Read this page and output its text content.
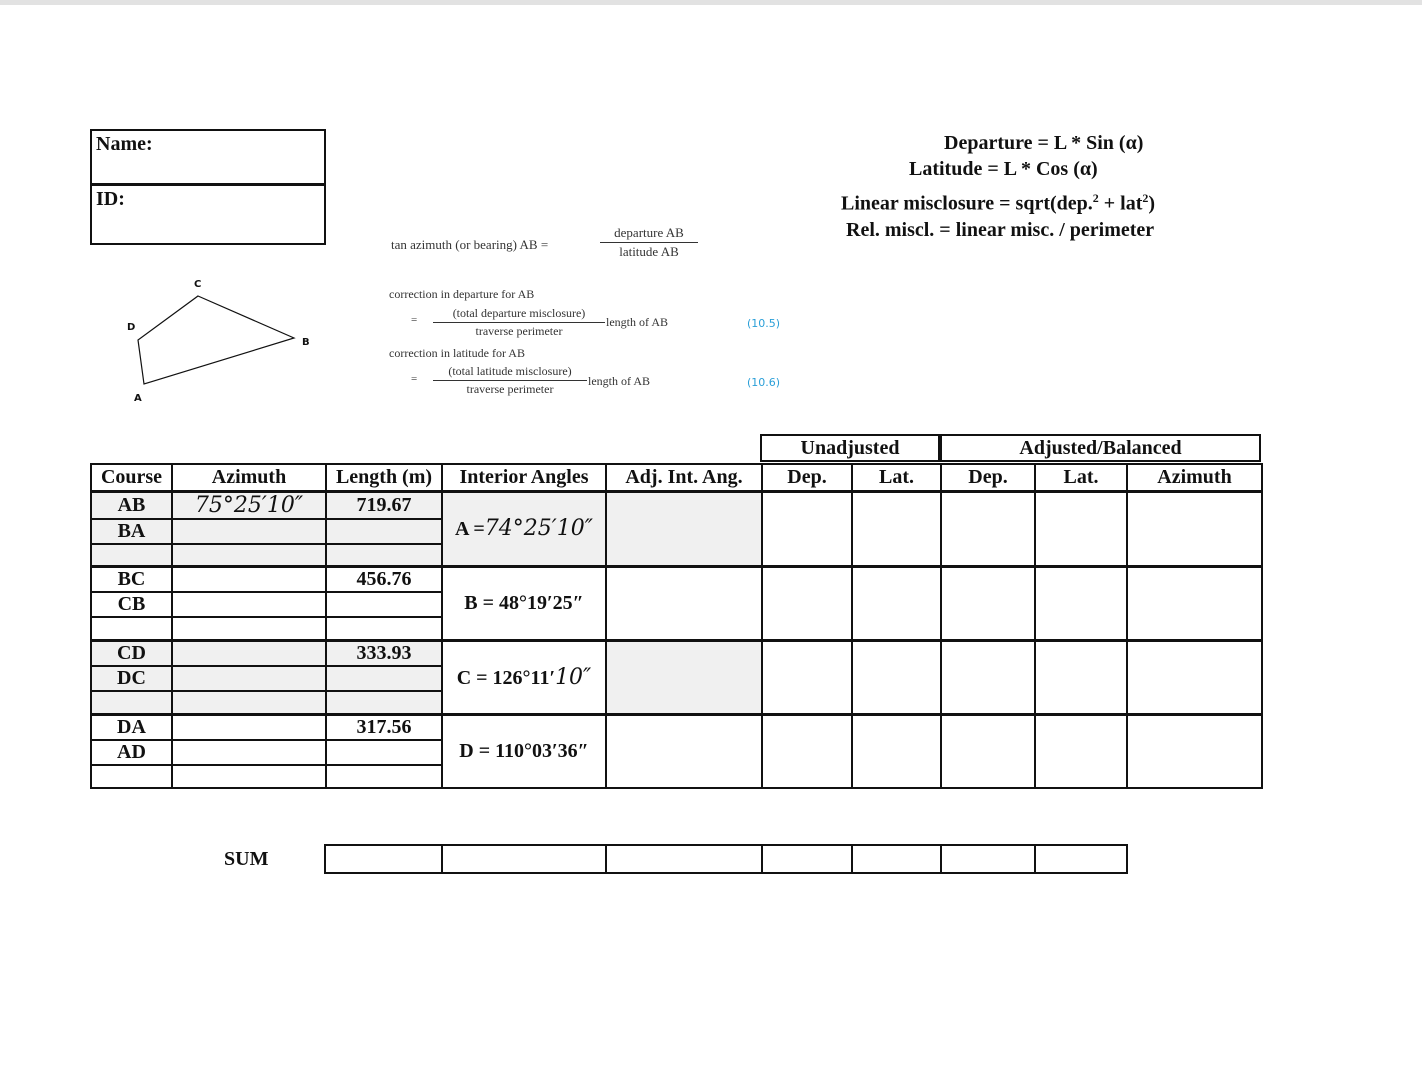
Name:
ID:
Departure = L * Sin (α)
Latitude = L * Cos (α)
Linear misclosure = sqrt(dep.$^2$ + lat$^2$)
Rel. miscl. = linear misc. / perimeter
tan azimuth (or bearing) AB =
departure AB
latitude AB
correction in departure for AB
=	(total departure misclosure)
traverse perimeter
length of AB	(10.5)
correction in latitude for AB
=
(total latitude misclosure)
traverse perimeter
length of AB	(10.6)
C
D
B
A
Unadjusted	Adjusted/Balanced
Course	Azimuth	Length (m)	Interior Angles	Adj. Int. Ang.	Dep.	Lat.	Dep.	Lat.	Azimuth
AB	75°25′10″	719.67	A =74°25′10″						
BA									

BC		456.76	B = 48°19′25″						
CB									

CD		333.93	C = 126°11′10″						
DC									

DA		317.56	D = 110°03′36″						
AD									

SUM
